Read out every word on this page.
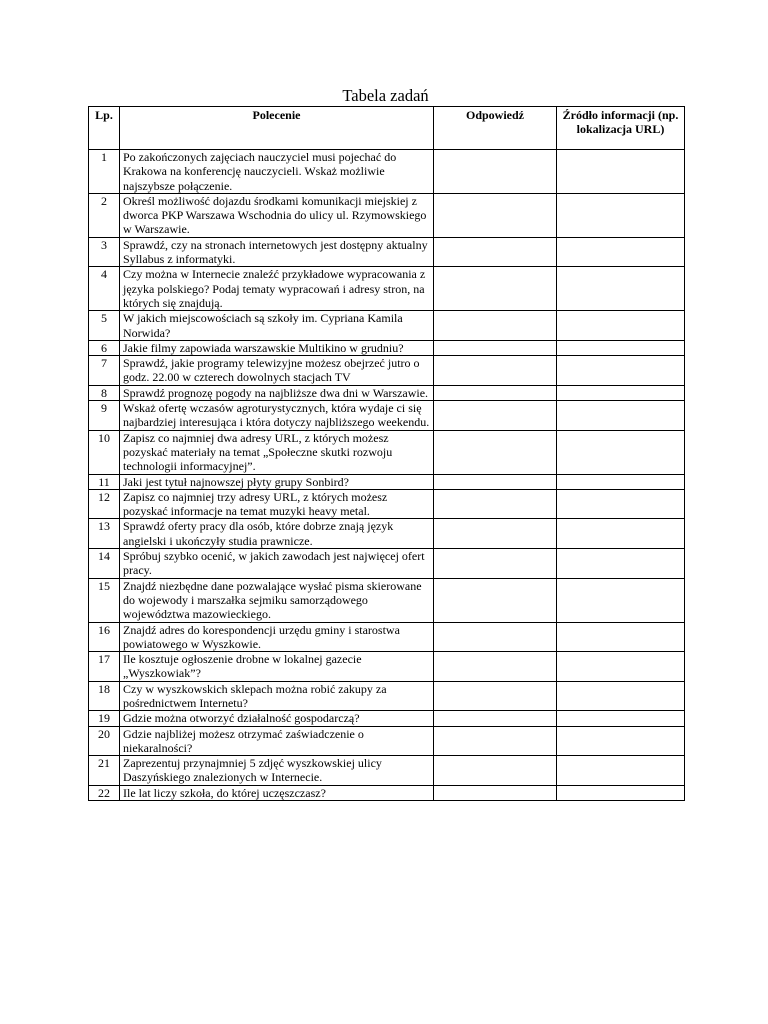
Tabela zadań
Lp.	Polecenie	Odpowiedź	Źródło informacji (np. lokalizacja URL)
1	Po zakończonych zajęciach nauczyciel musi pojechać do Krakowa na konferencję nauczycieli. Wskaż możliwie najszybsze połączenie.		
2	Określ możliwość dojazdu środkami komunikacji miejskiej z dworca PKP Warszawa Wschodnia do ulicy ul. Rzymowskiego w Warszawie.		
3	Sprawdź, czy na stronach internetowych jest dostępny aktualny Syllabus z informatyki.		
4	Czy można w Internecie znaleźć przykładowe wypracowania z języka polskiego? Podaj tematy wypracowań i adresy stron, na których się znajdują.		
5	W jakich miejscowościach są szkoły im. Cypriana Kamila Norwida?		
6	Jakie filmy zapowiada warszawskie Multikino w grudniu?		
7	Sprawdź, jakie programy telewizyjne możesz obejrzeć jutro o godz. 22.00 w czterech dowolnych stacjach TV		
8	Sprawdź prognozę pogody na najbliższe dwa dni w Warszawie.		
9	Wskaż ofertę wczasów agroturystycznych, która wydaje ci się najbardziej interesująca i która dotyczy najbliższego weekendu.		
10	Zapisz co najmniej dwa adresy URL, z których możesz pozyskać materiały na temat „Społeczne skutki rozwoju technologii informacyjnej”.		
11	Jaki jest tytuł najnowszej płyty grupy Sonbird?		
12	Zapisz co najmniej trzy adresy URL, z których możesz pozyskać informacje na temat muzyki heavy metal.		
13	Sprawdź oferty pracy dla osób, które dobrze znają język angielski i ukończyły studia prawnicze.		
14	Spróbuj szybko ocenić, w jakich zawodach jest najwięcej ofert pracy.		
15	Znajdź niezbędne dane pozwalające wysłać pisma skierowane do wojewody i marszałka sejmiku samorządowego województwa mazowieckiego.		
16	Znajdź adres do korespondencji urzędu gminy i starostwa powiatowego w Wyszkowie.		
17	Ile kosztuje ogłoszenie drobne w lokalnej gazecie „Wyszkowiak”?		
18	Czy w wyszkowskich sklepach można robić zakupy za pośrednictwem Internetu?		
19	Gdzie można otworzyć działalność gospodarczą?		
20	Gdzie najbliżej możesz otrzymać zaświadczenie o niekaralności?		
21	Zaprezentuj przynajmniej 5 zdjęć wyszkowskiej ulicy Daszyńskiego znalezionych w Internecie.		
22	Ile lat liczy szkoła, do której uczęszczasz?		
